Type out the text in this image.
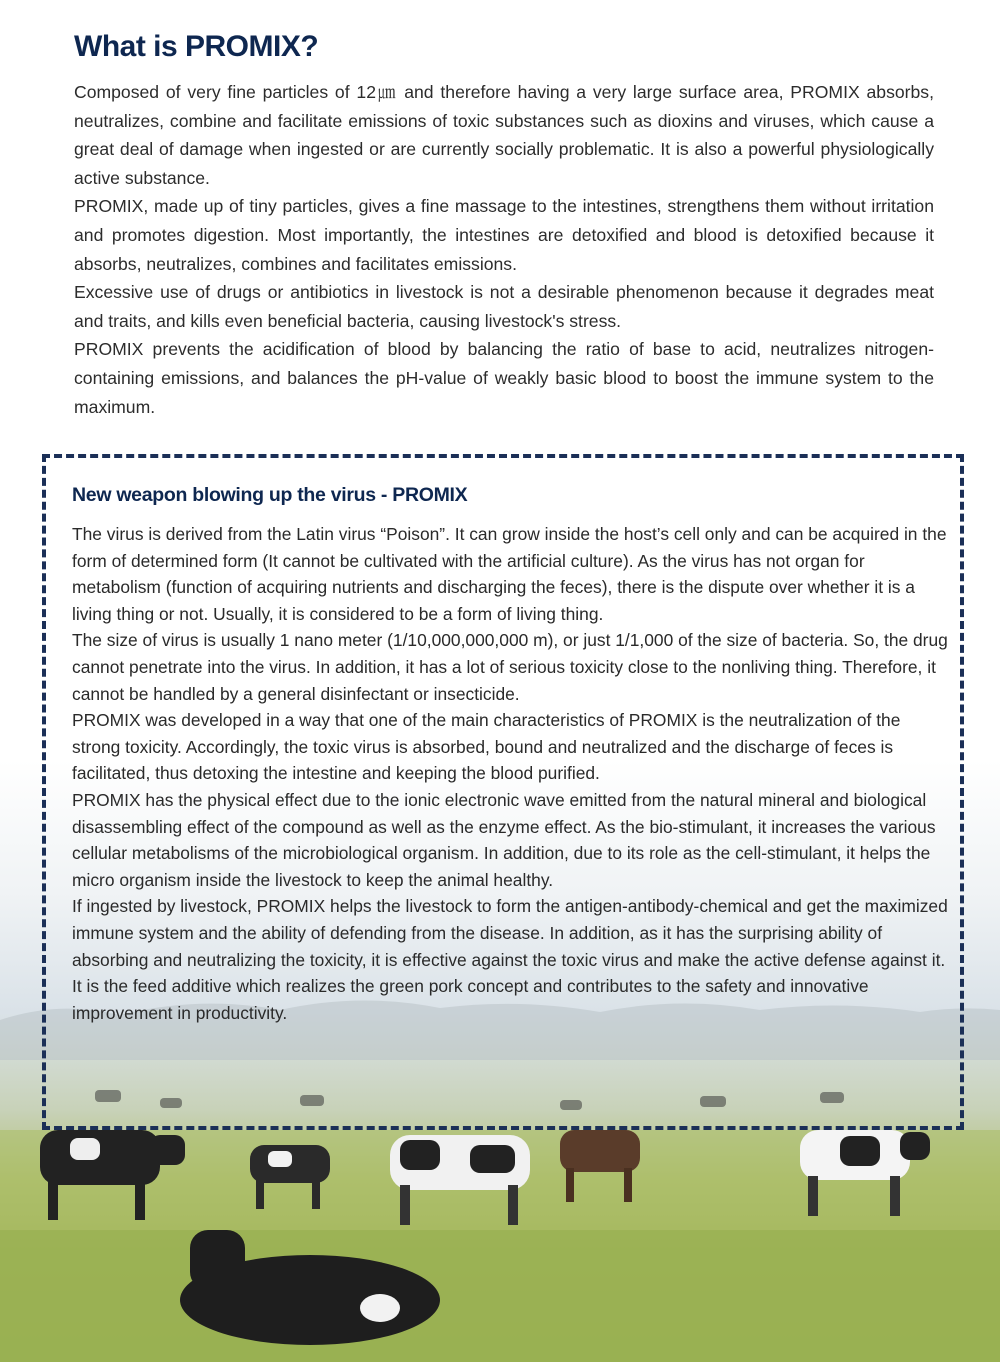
What is PROMIX?

Composed of very fine particles of 12㎛ and therefore having a very large surface area, PROMIX absorbs, neutralizes, combine and facilitate emissions of toxic substances such as dioxins and viruses, which cause a great deal of damage when ingested or are currently socially problematic. It is also a powerful physiologically active substance.

PROMIX, made up of tiny particles, gives a fine massage to the intestines, strengthens them without irritation and promotes digestion. Most importantly, the intestines are detoxified and blood is detoxified because it absorbs, neutralizes, combines and facilitates emissions.

Excessive use of drugs or antibiotics in livestock is not a desirable phenomenon because it degrades meat and traits, and kills even beneficial bacteria, causing livestock's stress.

PROMIX prevents the acidification of blood by balancing the ratio of base to acid, neutralizes nitrogen-containing emissions, and balances the pH-value of weakly basic blood to boost the immune system to the maximum.

New weapon blowing up the virus - PROMIX

The virus is derived from the Latin virus “Poison”. It can grow inside the host’s cell only and can be acquired in the form of determined form (It cannot be cultivated with the artificial culture). As the virus has not organ for metabolism (function of acquiring nutrients and discharging the feces), there is the dispute over whether it is a living thing or not. Usually, it is considered to be a form of living thing.

The size of virus is usually 1 nano meter (1/10,000,000,000 m), or just 1/1,000 of the size of bacteria. So, the drug cannot penetrate into the virus. In addition, it has a lot of serious toxicity close to the nonliving thing. Therefore, it cannot be handled by a general disinfectant or insecticide.

PROMIX was developed in a way that one of the main characteristics of PROMIX is the neutralization of the strong toxicity. Accordingly, the toxic virus is absorbed, bound and neutralized and the discharge of feces is facilitated, thus detoxing the intestine and keeping the blood purified.

PROMIX has the physical effect due to the ionic electronic wave emitted from the natural mineral and biological disassembling effect of the compound as well as the enzyme effect. As the bio-stimulant, it increases the various cellular metabolisms of the microbiological organism. In addition, due to its role as the cell-stimulant, it helps the micro organism inside the livestock to keep the animal healthy.

If ingested by livestock, PROMIX helps the livestock to form the antigen-antibody-chemical and get the maximized immune system and the ability of defending from the disease. In addition, as it has the surprising ability of absorbing and neutralizing the toxicity, it is effective against the toxic virus and make the active defense against it. It is the feed additive which realizes the green pork concept and contributes to the safety and innovative improvement in productivity.
